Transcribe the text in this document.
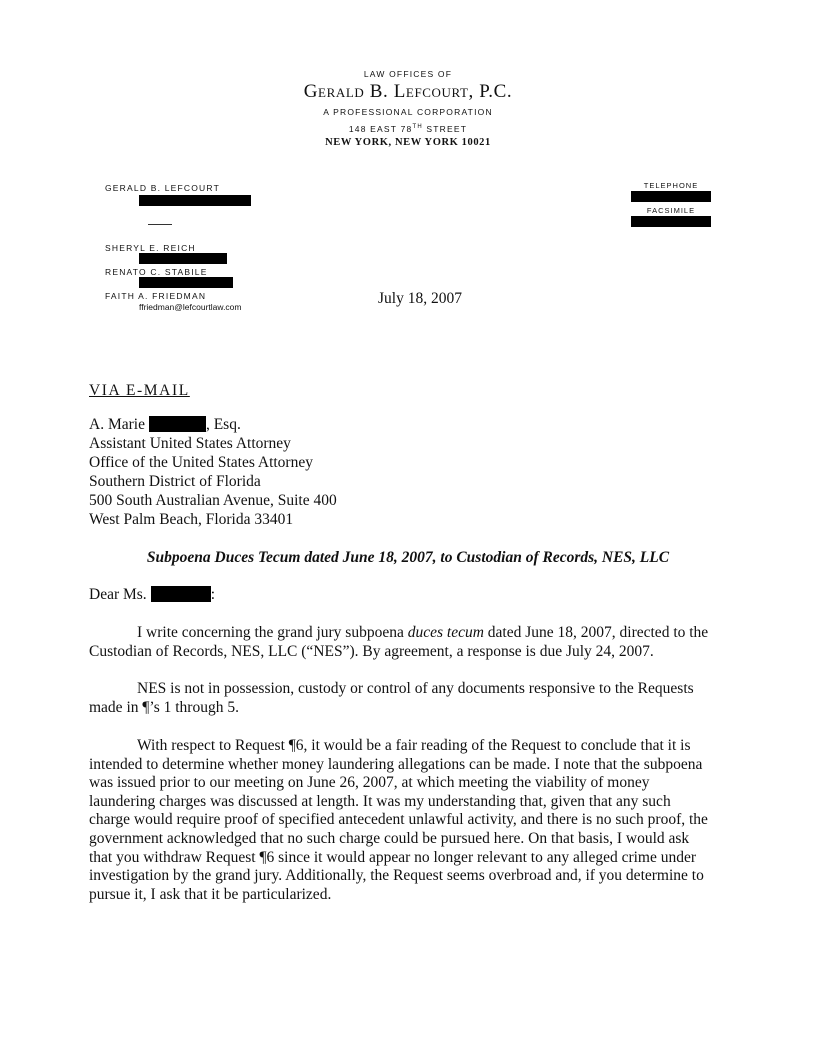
LAW OFFICES OF
Gerald B. Lefcourt, P.C.
A PROFESSIONAL CORPORATION
148 EAST 78TH STREET
NEW YORK, NEW YORK 10021
GERALD B. LEFCOURT
SHERYL E. REICH
RENATO C. STABILE
FAITH A. FRIEDMAN
ffriedman@lefcourtlaw.com
TELEPHONE
FACSIMILE
July 18, 2007
VIA E-MAIL
A. Marie	, Esq.
Assistant United States Attorney
Office of the United States Attorney
Southern District of Florida
500 South Australian Avenue, Suite 400
West Palm Beach, Florida 33401
Subpoena Duces Tecum dated June 18, 2007, to Custodian of Records, NES, LLC
Dear Ms.	:
I write concerning the grand jury subpoena duces tecum dated June 18, 2007, directed to the Custodian of Records, NES, LLC (“NES”). By agreement, a response is due July 24, 2007.
NES is not in possession, custody or control of any documents responsive to the Requests made in ¶’s 1 through 5.
With respect to Request ¶6, it would be a fair reading of the Request to conclude that it is intended to determine whether money laundering allegations can be made. I note that the subpoena was issued prior to our meeting on June 26, 2007, at which meeting the viability of money laundering charges was discussed at length. It was my understanding that, given that any such charge would require proof of specified antecedent unlawful activity, and there is no such proof, the government acknowledged that no such charge could be pursued here. On that basis, I would ask that you withdraw Request ¶6 since it would appear no longer relevant to any alleged crime under investigation by the grand jury. Additionally, the Request seems overbroad and, if you determine to pursue it, I ask that it be particularized.
